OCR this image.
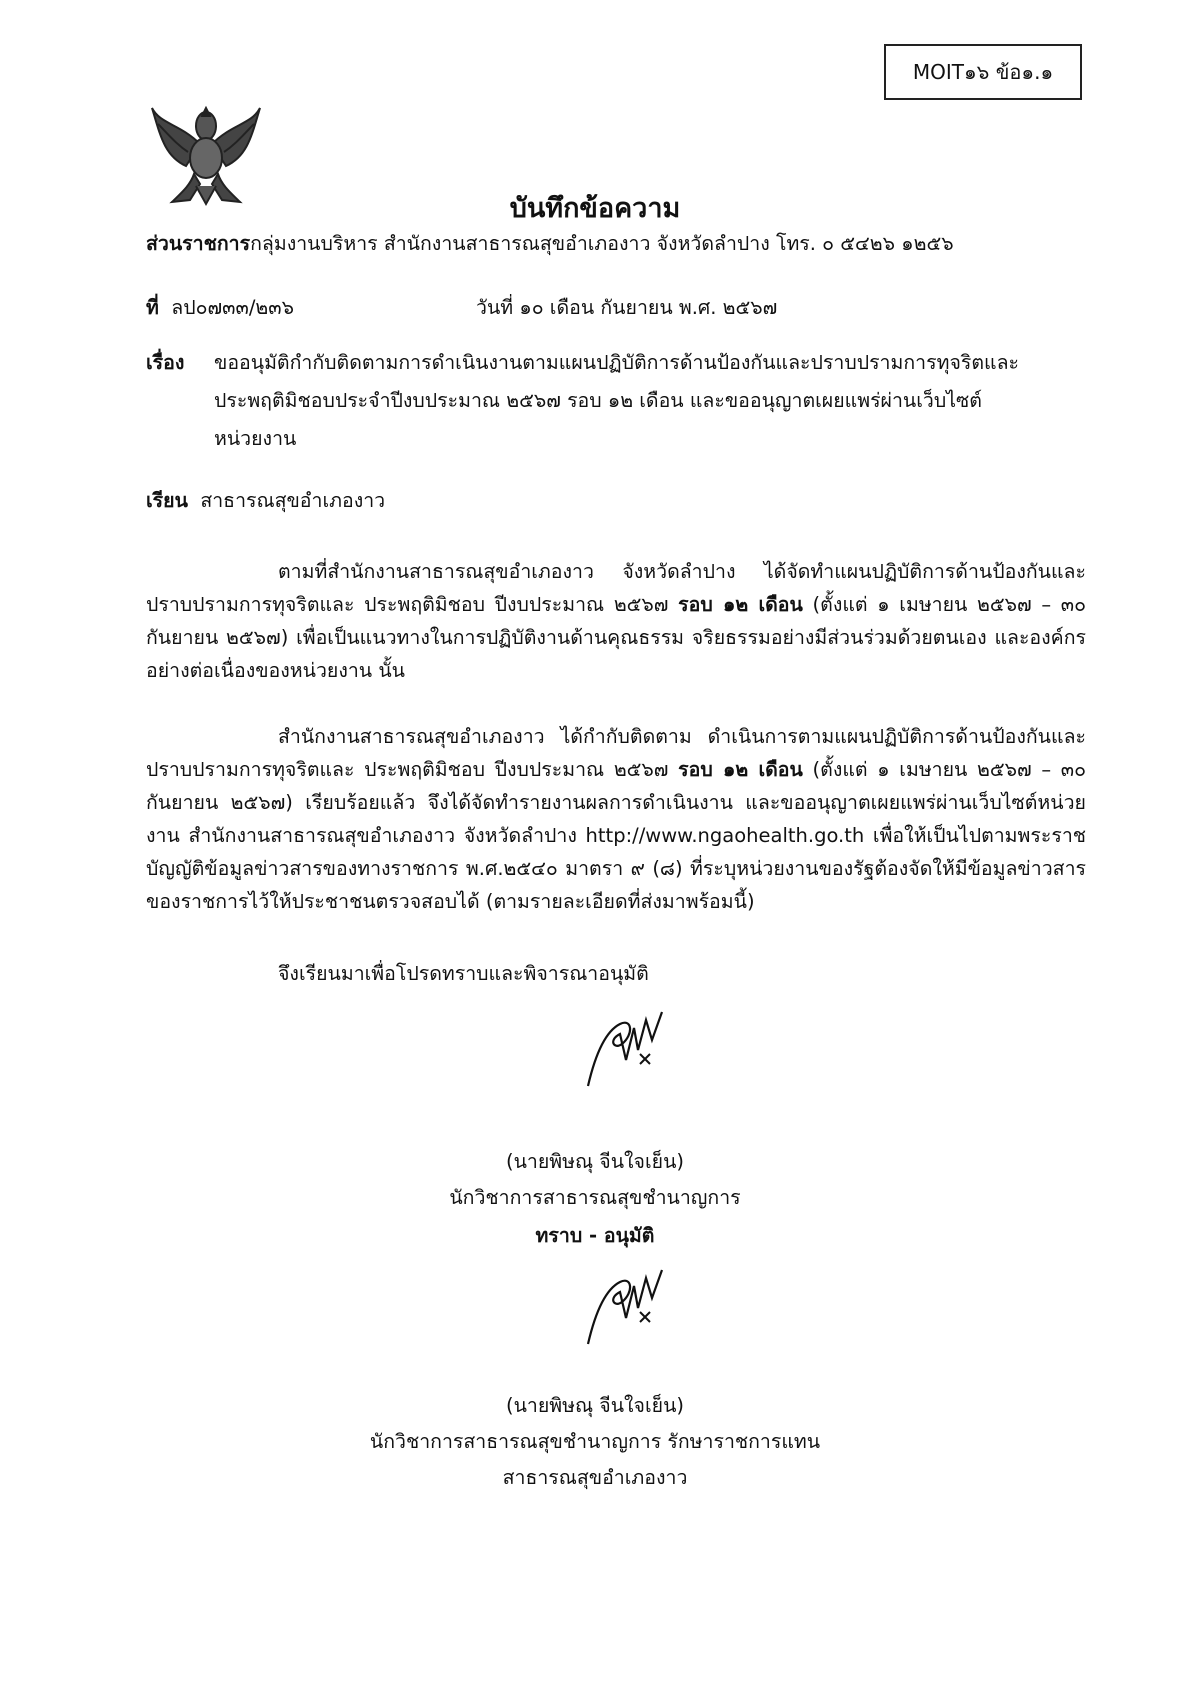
MOIT๑๖ ข้อ๑.๑
บันทึกข้อความ
ส่วนราชการกลุ่มงานบริหาร สำนักงานสาธารณสุขอำเภองาว จังหวัดลำปาง โทร. ๐ ๕๔๒๖ ๑๒๕๖
ที่ ลป๐๗๓๓/๒๓๖	วันที่ ๑๐ เดือน กันยายน พ.ศ. ๒๕๖๗
เรื่อง ขออนุมัติกำกับติดตามการดำเนินงานตามแผนปฏิบัติการด้านป้องกันและปราบปรามการทุจริตและ
ประพฤติมิชอบประจำปีงบประมาณ ๒๕๖๗ รอบ ๑๒ เดือน และขออนุญาตเผยแพร่ผ่านเว็บไซต์
หน่วยงาน
เรียน สาธารณสุขอำเภองาว
ตามที่สำนักงานสาธารณสุขอำเภองาว จังหวัดลำปาง ได้จัดทำแผนปฏิบัติการด้านป้องกันและปราบปรามการทุจริตและ ประพฤติมิชอบ ปีงบประมาณ ๒๕๖๗ รอบ ๑๒ เดือน (ตั้งแต่ ๑ เมษายน ๒๕๖๗ – ๓๐ กันยายน ๒๕๖๗) เพื่อเป็นแนวทางในการปฏิบัติงานด้านคุณธรรม จริยธรรมอย่างมีส่วนร่วมด้วยตนเอง และองค์กรอย่างต่อเนื่องของหน่วยงาน นั้น
สำนักงานสาธารณสุขอำเภองาว ได้กำกับติดตาม ดำเนินการตามแผนปฏิบัติการด้านป้องกันและปราบปรามการทุจริตและ ประพฤติมิชอบ ปีงบประมาณ ๒๕๖๗ รอบ ๑๒ เดือน (ตั้งแต่ ๑ เมษายน ๒๕๖๗ – ๓๐ กันยายน ๒๕๖๗) เรียบร้อยแล้ว จึงได้จัดทำรายงานผลการดำเนินงาน และขออนุญาตเผยแพร่ผ่านเว็บไซต์หน่วยงาน สำนักงานสาธารณสุขอำเภองาว จังหวัดลำปาง http://www.ngaohealth.go.th เพื่อให้เป็นไปตามพระราชบัญญัติข้อมูลข่าวสารของทางราชการ พ.ศ.๒๕๔๐ มาตรา ๙ (๘) ที่ระบุหน่วยงานของรัฐต้องจัดให้มีข้อมูลข่าวสารของราชการไว้ให้ประชาชนตรวจสอบได้ (ตามรายละเอียดที่ส่งมาพร้อมนี้)
จึงเรียนมาเพื่อโปรดทราบและพิจารณาอนุมัติ
(นายพิษณุ จีนใจเย็น)
นักวิชาการสาธารณสุขชำนาญการ
ทราบ - อนุมัติ
(นายพิษณุ จีนใจเย็น)
นักวิชาการสาธารณสุขชำนาญการ รักษาราชการแทน
สาธารณสุขอำเภองาว
